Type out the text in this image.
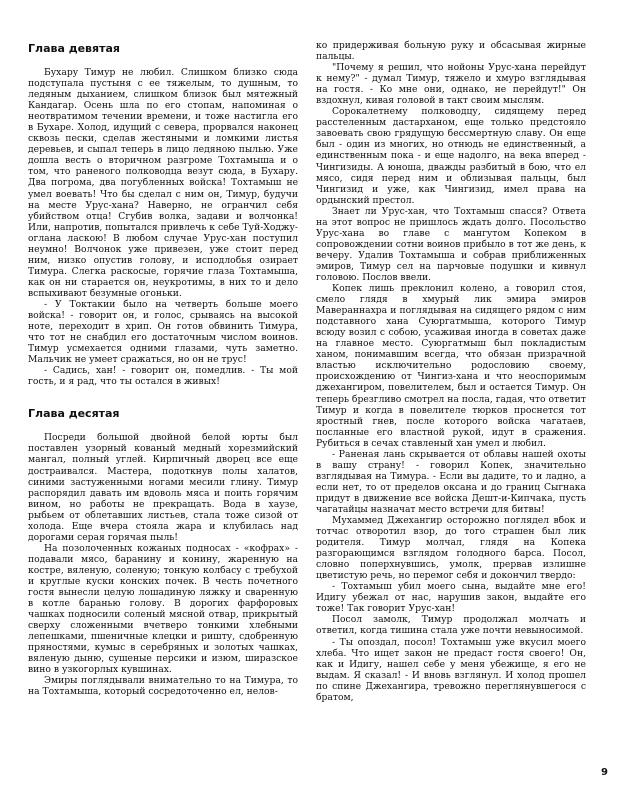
Глава девятая

Бухару Тимур не любил. Слишком близко сюда подступала пустыня с ее тяжелым, то душным, то ледяным дыханием, слишком близок был мятежный Кандагар. Осень шла по его стопам, напоминая о неотвратимом течении времени, и тоже настигла его в Бухаре. Холод, идущий с севера, прорвался наконец сквозь пески, сделав жестяными и ломкими листья деревьев, и сыпал теперь в лицо ледяною пылью. Уже дошла весть о вторичном разгроме Тохтамыша и о том, что раненого полководца везут сюда, в Бухару. Два погрома, два погубленных войска! Тохтамыш не умел воевать! Что бы сделал с ним он, Тимур, будучи на месте Урус-хана? Наверно, не огранчил себя убийством отца! Сгубив волка, задави и волчонка! Или, напротив, попытался привлечь к себе Туй-Ходжу-оглана ласкою! В любом случае Урус-хан поступил неумно! Волчонок уже привезен, уже стоит перед ним, низко опустив голову, и исподлобья озирает Тимура. Слегка раскосые, горячие глаза Тохтамыша, как он ни старается он, неукротимы, в них то и дело вспыхивают безумные огоньки.

- У Токтакии было на четверть больше моего войска! - говорит он, и голос, срываясь на высокой ноте, переходит в хрип. Он готов обвинить Тимура, что тот не снабдил его достаточным числом воинов. Тимур усмехается одними глазами, чуть заметно. Мальчик не умеет сражаться, но он не трус!

- Садись, хан! - говорит он, помедлив. - Ты мой гость, и я рад, что ты остался в живых!

Глава десятая

Посреди большой двойной белой юрты был поставлен узорный кованый медный хорезмийский мангал, полный углей. Кирпичный дворец все еще достраивался. Мастера, подоткнув полы халатов, синими застуженными ногами месили глину. Тимур распорядил давать им вдоволь мяса и поить горячим вином, но работы не прекращать. Вода в хаузе, рыбьем от облетавших листьев, стала тоже сизой от холода. Еще вчера стояла жара и клубилась над дорогами серая горячая пыль!

На позолоченных кожаных подносах - «кофрах» - подавали мясо, баранину и конину, жаренную на костре, вяленую, соленую; тонкую колбасу с требухой и круглые куски конских почек. В честь почетного гостя вынесли целую лошадиную ляжку и сваренную в котле баранью голову. В дорогих фарфоровых чашках подносили соленый мясной отвар, прикрытый сверху сложенными вчетверо тонкими хлебными лепешками, пшеничные клецки и ришту, сдобренную пряностями, кумыс в серебряных и золотых чашках, вяленую дыню, сушеные персики и изюм, ширазское вино в узкогорлых кувшинах.

Эмиры поглядывали внимательно то на Тимура, то на Тохтамыша, который сосредоточенно ел, нелов-

ко придерживая больную руку и обсасывая жирные пальцы.

"Почему я решил, что нойоны Урус-хана перейдут к нему?" - думал Тимур, тяжело и хмуро взглядывая на гостя. - Ко мне они, однако, не перейдут!" Он вздохнул, кивая головой в такт своим мыслям.

Сорокалетнему полководцу, сидящему перед расстеленным дастарханом, еще только предстояло завоевать свою грядущую бессмертную славу. Он еще был - один из многих, но отнюдь не единственный, а единственным пока - и еще надолго, на века вперед - Чингизиды. А юноша, дважды разбитый в бою, что ел мясо, сидя перед ним и облизывая пальцы, был Чингизид и уже, как Чингизид, имел права на ордынский престол.

Знает ли Урус-хан, что Тохтамыш спасся? Ответа на этот вопрос не пришлось ждать долго. Посольство Урус-хана во главе с мангутом Копеком в сопровождении сотни воинов прибыло в тот же день, к вечеру. Удалив Тохтамыша и собрав приближенных эмиров, Тимур сел на парчовые подушки и кивнул головою. Послов ввели.

Копек лишь преклонил колено, а говорил стоя, смело глядя в хмурый лик эмира эмиров Мавераннахра и поглядывая на сидящего рядом с ним подставного хана Суюргатмыша, которого Тимур всюду возил с собою, усаживая иногда в советах даже на главное место. Суюргатмыш был покладистым ханом, понимавшим всегда, что обязан призрачной властью исключительно родословию своему, происхождению от Чингиз-хана и что неоспоримым джехангиром, повелителем, был и остается Тимур. Он теперь брезгливо смотрел на посла, гадая, что ответит Тимур и когда в повелителе тюрков проснется тот яростный гнев, после которого войска чагатаев, посланные его властной рукой, идут в сражения. Рубиться в сечах ставленый хан умел и любил.

- Раненая лань скрывается от облавы нашей охоты в вашу страну! - говорил Копек, значительно взглядывая на Тимура. - Если вы дадите, то и ладно, а если нет, то от пределов оксана и до границ Сыгнака придут в движение все войска Дешт-и-Кипчака, пусть чагатайцы назначат место встречи для битвы!

Мухаммед Джехангир осторожно поглядел вбок и тотчас отворотил взор, до того страшен был лик родителя. Тимур молчал, глядя на Копека разгорающимся взглядом голодного барса. Посол, словно поперхнувшись, умолк, прервав излишне цветистую речь, но перемог себя и докончил твердо:

- Тохтамыш убил моего сына, выдайте мне его! Идигу убежал от нас, нарушив закон, выдайте его тоже! Так говорит Урус-хан!

Посол замолк, Тимур продолжал молчать и ответил, когда тишина стала уже почти невыносимой.

- Ты опоздал, посол! Тохтамыш уже вкусил моего хлеба. Что ищет закон не предаст гостя своего! Он, как и Идигу, нашел себе у меня убежище, я его не выдам. Я сказал! - И вновь взглянул. И холод прошел по спине Джехангира, тревожно переглянувшегося с братом,

9
